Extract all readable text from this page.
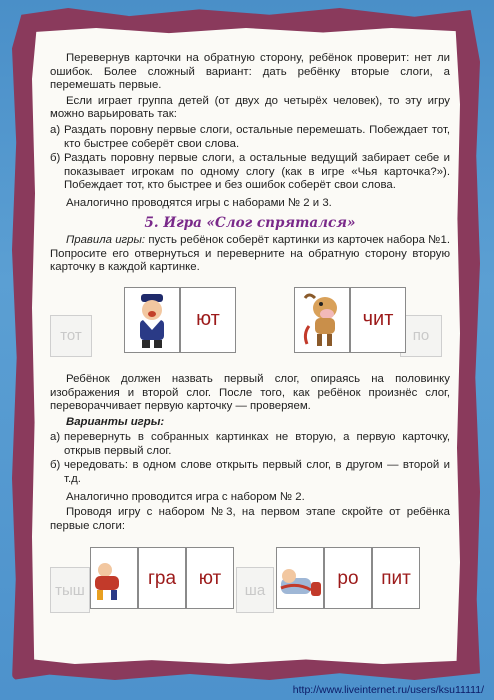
Перевернув карточки на обратную сторону, ребёнок проверит: нет ли ошибок. Более сложный вариант: дать ребёнку вторые слоги, а перемешать первые.

Если играет группа детей (от двух до четырёх человек), то эту игру можно варьировать так:

а) Раздать поровну первые слоги, остальные перемешать. Побеждает тот, кто быстрее соберёт свои слова.
б) Раздать поровну первые слоги, а остальные ведущий забирает себе и показывает игрокам по одному слогу (как в игре «Чья карточка?»). Побеждает тот, кто быстрее и без ошибок соберёт свои слова.

Аналогично проводятся игры с наборами № 2 и 3.

5. Игра «Слог спрятался»

Правила игры: пусть ребёнок соберёт картинки из карточек набора №1. Попросите его отвернуться и переверните на обратную сторону вторую карточку в каждой картинке.

тот	по
ют	чит

Ребёнок должен назвать первый слог, опираясь на половинку изображения и второй слог. После того, как ребёнок произнёс слог, перевораччивает первую карточку — проверяем.

Варианты игры:

а) перевернуть в собранных картинках не вторую, а первую карточку, открыв первый слог.
б) чередовать: в одном слове открыть первый слог, в другом — второй и т.д.

Аналогично проводится игра с набором № 2.

Проводя игру с набором №3, на первом этапе скройте от ребёнка первые слоги:

тыш	ша
гра ют	ро пит
http://www.liveinternet.ru/users/ksu11111/
